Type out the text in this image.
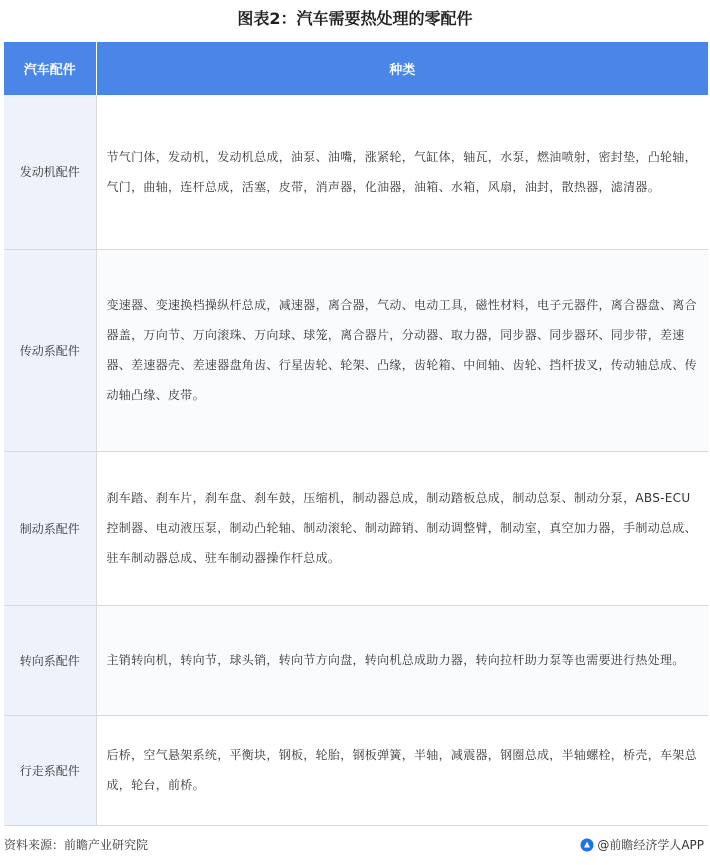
图表2：汽车需要热处理的零配件
汽车配件	种类
发动机配件	节气门体，发动机，发动机总成，油泵、油嘴，涨紧轮，气缸体，轴瓦，水泵，燃油喷射，密封垫，凸轮轴，气门，曲轴，连杆总成，活塞，皮带，消声器，化油器，油箱、水箱，风扇，油封，散热器，滤清器。
传动系配件	变速器、变速换档操纵杆总成，减速器，离合器，气动、电动工具，磁性材料，电子元器件，离合器盘、离合器盖，万向节、万向滚珠、万向球、球笼，离合器片，分动器、取力器，同步器、同步器环、同步带，差速器、差速器壳、差速器盘角齿、行星齿轮、轮架、凸缘，齿轮箱、中间轴、齿轮、挡杆拔叉，传动轴总成、传动轴凸缘、皮带。
制动系配件	刹车踏、刹车片，刹车盘、刹车鼓，压缩机，制动器总成，制动踏板总成，制动总泵、制动分泵，ABS-ECU 控制器、电动液压泵，制动凸轮轴、制动滚轮、制动蹄销、制动调整臂，制动室，真空加力器，手制动总成、驻车制动器总成、驻车制动器操作杆总成。
转向系配件	主销转向机，转向节，球头销，转向节方向盘，转向机总成助力器，转向拉杆助力泵等也需要进行热处理。
行走系配件	后桥，空气悬架系统，平衡块，钢板，轮胎，钢板弹簧，半轴，减震器，钢圈总成，半轴螺栓，桥壳，车架总成，轮台，前桥。
资料来源：前瞻产业研究院	@前瞻经济学人APP
